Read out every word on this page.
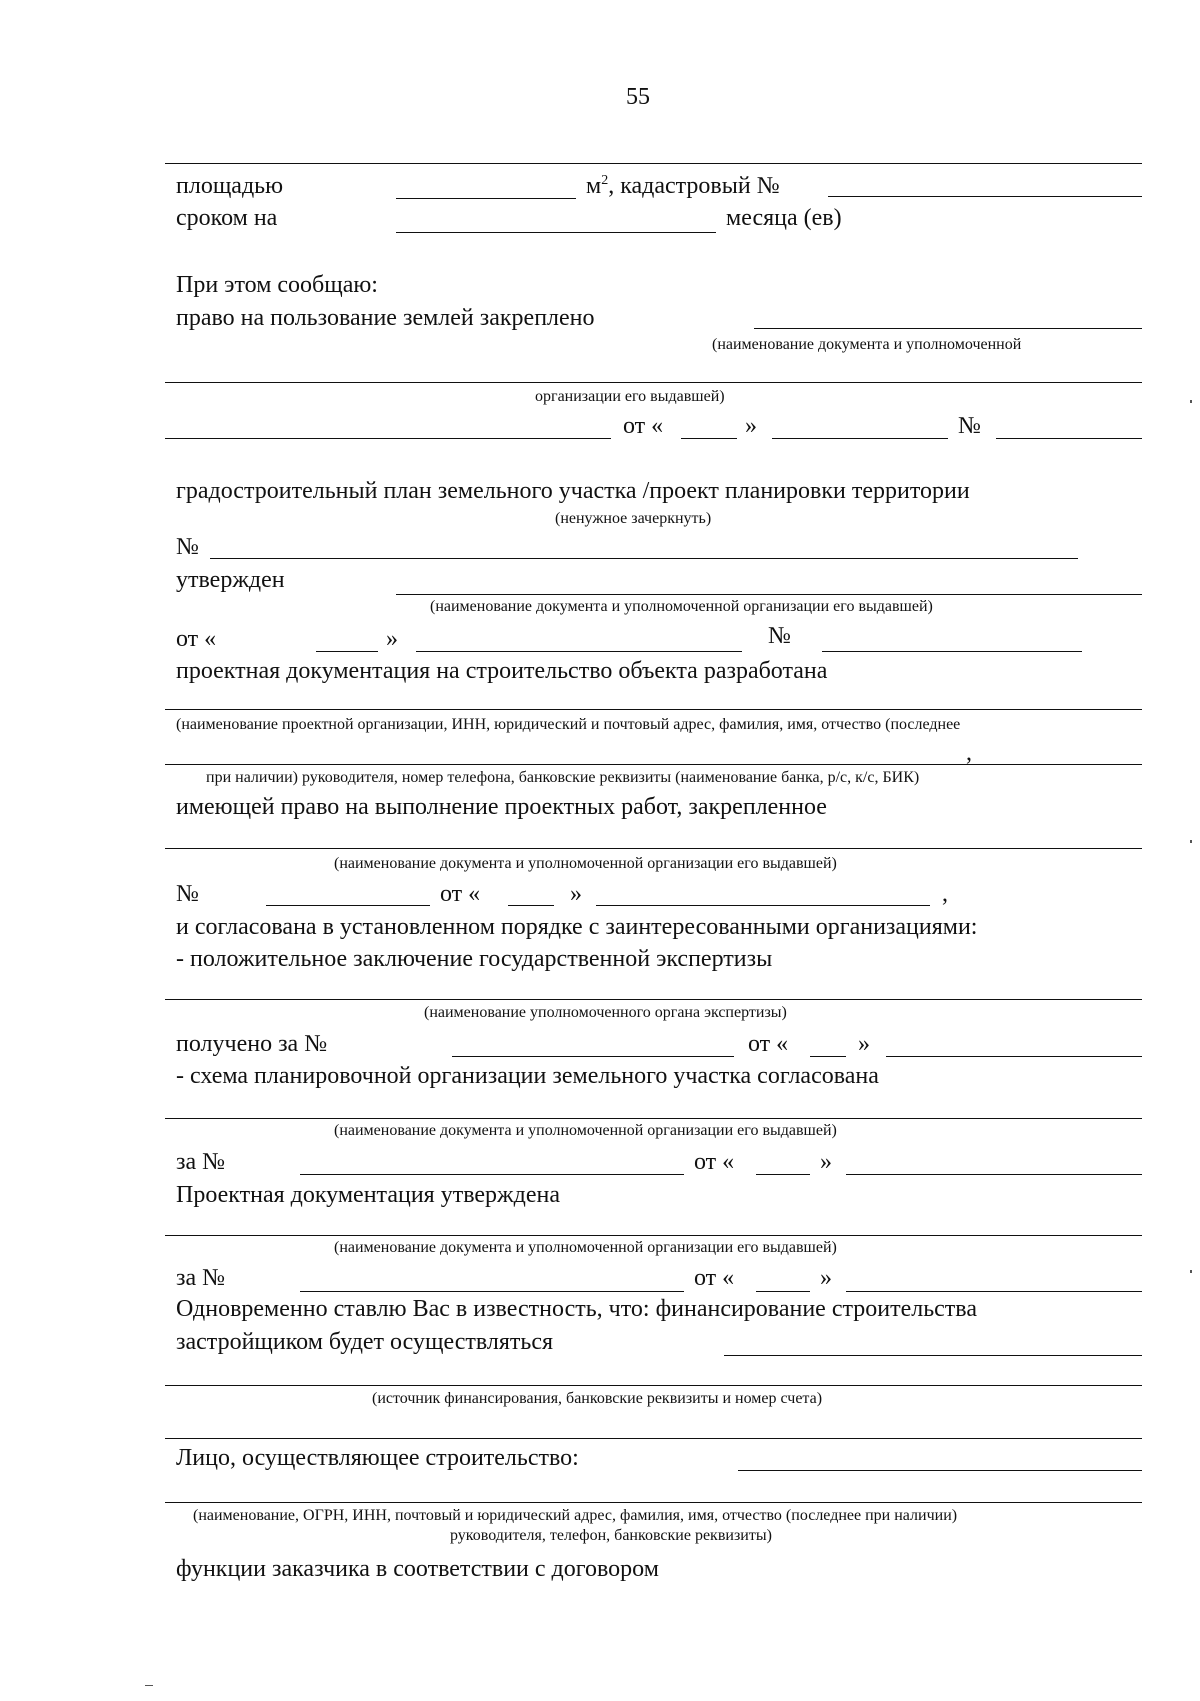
55
площадью	$м^2$, кадастровый №
сроком на	месяца (ев)
При этом сообщаю:
право на пользование землей закреплено
(наименование документа и уполномоченной
организации его выдавшей)
от «	»	№
градостроительный план земельного участка /проект планировки территории
(ненужное зачеркнуть)
№
утвержден
(наименование документа и уполномоченной организации его выдавшей)
от «	»	№
проектная документация на строительство объекта разработана
(наименование проектной организации, ИНН, юридический и почтовый адрес, фамилия, имя, отчество (последнее
,
при наличии) руководителя, номер телефона, банковские реквизиты (наименование банка, р/с, к/с, БИК)
имеющей право на выполнение проектных работ, закрепленное
(наименование документа и уполномоченной организации его выдавшей)
№	от «	»	,
и согласована в установленном порядке с заинтересованными организациями:
- положительное заключение государственной экспертизы
(наименование уполномоченного органа экспертизы)
получено за №	от «	»
- схема планировочной организации земельного участка согласована
(наименование документа и уполномоченной организации его выдавшей)
за №	от «	»
Проектная документация утверждена
(наименование документа и уполномоченной организации его выдавшей)
за №	от «	»
Одновременно ставлю Вас в известность, что: финансирование строительства
застройщиком будет осуществляться
(источник финансирования, банковские реквизиты и номер счета)
Лицо, осуществляющее строительство:
(наименование, ОГРН, ИНН, почтовый и юридический адрес, фамилия, имя, отчество (последнее при наличии)
руководителя, телефон, банковские реквизиты)
функции заказчика в соответствии с договором
